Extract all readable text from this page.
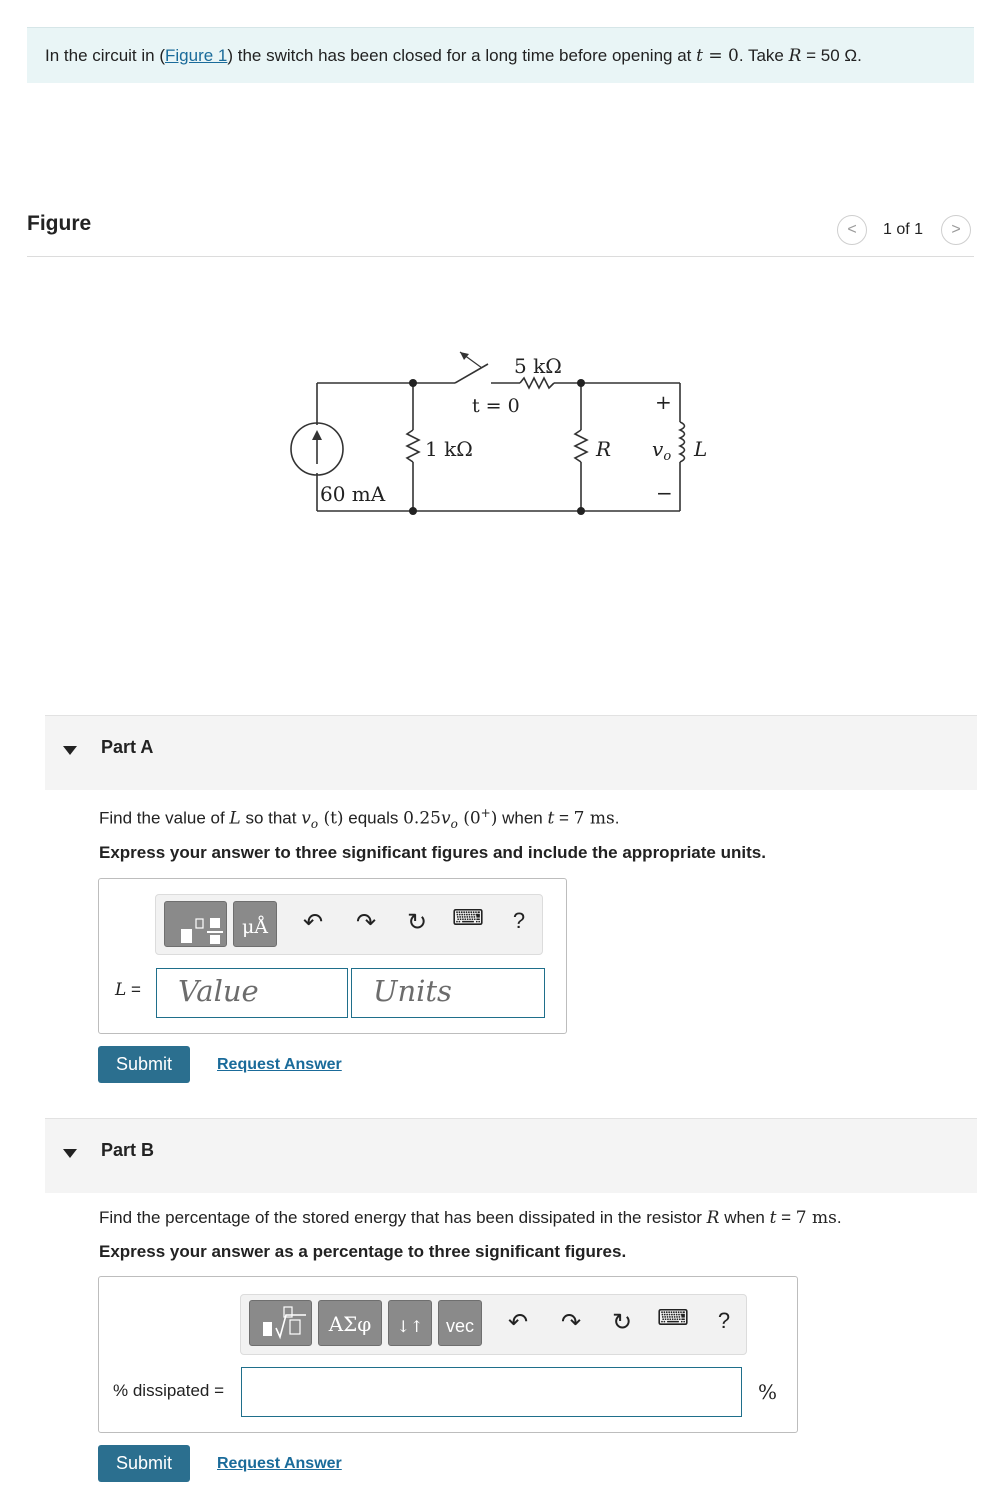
In the circuit in (Figure 1) the switch has been closed for a long time before opening at t = 0. Take R = 50 Ω.
Figure	<	1 of 1	>
5 kΩ
t = 0
1 kΩ	R
60 mA
+
−
$v_o$ L
Part A
Find the value of L so that $v_o$ (t) equals $0.25v_o$ (0+) when t = 7 ms.
Express your answer to three significant figures and include the appropriate units.
μÅ	↶ ↷ ↻ ⌨	?
L = Value	Units
Submit	Request Answer
Part B
Find the percentage of the stored energy that has been dissipated in the resistor R when t = 7 ms.
Express your answer as a percentage to three significant figures.
ΑΣφ	↓↑	vec	↶ ↷ ↻ ⌨	?
% dissipated =	%
Submit	Request Answer
